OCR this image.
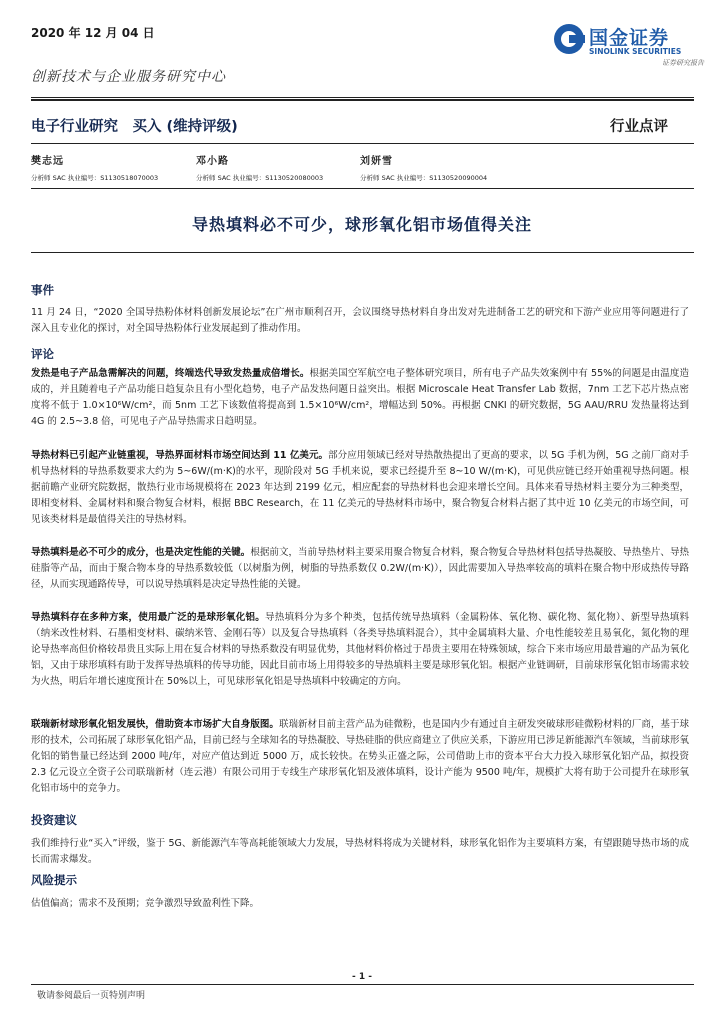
2020 年 12 月 04 日	国金证券
SINOLINK SECURITIES
证券研究报告
创新技术与企业服务研究中心
电子行业研究　买入 (维持评级)	行业点评
樊志远
分析师 SAC 执业编号：S1130518070003
邓小路
分析师 SAC 执业编号：S1130520080003
刘妍雪
分析师 SAC 执业编号：S1130520090004
导热填料必不可少，球形氧化铝市场值得关注
事件
11 月 24 日，“2020 全国导热粉体材料创新发展论坛”在广州市顺利召开，会议围绕导热材料自身出发对先进制备工艺的研究和下游产业应用等问题进行了深入且专业化的探讨，对全国导热粉体行业发展起到了推动作用。
评论
发热是电子产品急需解决的问题，终端迭代导致发热量成倍增长。根据美国空军航空电子整体研究项目，所有电子产品失效案例中有 55%的问题是由温度造成的，并且随着电子产品功能日趋复杂且有小型化趋势，电子产品发热问题日益突出。根据 Microscale Heat Transfer Lab 数据，7nm 工艺下芯片热点密度将不低于 1.0×10⁶W/cm²，而 5nm 工艺下该数值将提高到 1.5×10⁶W/cm²，增幅达到 50%。再根据 CNKI 的研究数据，5G AAU/RRU 发热量将达到 4G 的 2.5~3.8 倍，可见电子产品导热需求日趋明显。
导热材料已引起产业链重视，导热界面材料市场空间达到 11 亿美元。部分应用领域已经对导热散热提出了更高的要求，以 5G 手机为例，5G 之前厂商对手机导热材料的导热系数要求大约为 5~6W/(m·K)的水平，现阶段对 5G 手机来说，要求已经提升至 8~10 W/(m·K)，可见供应链已经开始重视导热问题。根据前瞻产业研究院数据，散热行业市场规模将在 2023 年达到 2199 亿元，相应配套的导热材料也会迎来增长空间。具体来看导热材料主要分为三种类型，即相变材料、金属材料和聚合物复合材料，根据 BBC Research，在 11 亿美元的导热材料市场中，聚合物复合材料占据了其中近 10 亿美元的市场空间，可见该类材料是最值得关注的导热材料。
导热填料是必不可少的成分，也是决定性能的关键。根据前文，当前导热材料主要采用聚合物复合材料，聚合物复合导热材料包括导热凝胶、导热垫片、导热硅脂等产品，而由于聚合物本身的导热系数较低（以树脂为例，树脂的导热系数仅 0.2W/(m·K)），因此需要加入导热率较高的填料在聚合物中形成热传导路径，从而实现通路传导，可以说导热填料是决定导热性能的关键。
导热填料存在多种方案，使用最广泛的是球形氧化铝。导热填料分为多个种类，包括传统导热填料（金属粉体、氧化物、碳化物、氮化物）、新型导热填料（纳米改性材料、石墨相变材料、碳纳米管、金刚石等）以及复合导热填料（各类导热填料混合），其中金属填料大量、介电性能较差且易氧化，氮化物的理论导热率高但价格较昂贵且实际上用在复合材料的导热系数没有明显优势，其他材料价格过于昂贵主要用在特殊领域，综合下来市场应用最普遍的产品为氧化铝，又由于球形填料有助于发挥导热填料的传导功能，因此目前市场上用得较多的导热填料主要是球形氧化铝。根据产业链调研，目前球形氧化铝市场需求较为火热，明后年增长速度预计在 50%以上，可见球形氧化铝是导热填料中较确定的方向。
联瑞新材球形氧化铝发展快，借助资本市场扩大自身版图。联瑞新材目前主营产品为硅微粉，也是国内少有通过自主研发突破球形硅微粉材料的厂商，基于球形的技术，公司拓展了球形氧化铝产品，目前已经与全球知名的导热凝胶、导热硅脂的供应商建立了供应关系，下游应用已涉足新能源汽车领域，当前球形氧化铝的销售量已经达到 2000 吨/年，对应产值达到近 5000 万，成长较快。在势头正盛之际，公司借助上市的资本平台大力投入球形氧化铝产品，拟投资 2.3 亿元设立全资子公司联瑞新材（连云港）有限公司用于专线生产球形氧化铝及液体填料，设计产能为 9500 吨/年，规模扩大将有助于公司提升在球形氧化铝市场中的竞争力。
投资建议
我们维持行业“买入”评级，鉴于 5G、新能源汽车等高耗能领域大力发展，导热材料将成为关键材料，球形氧化铝作为主要填料方案，有望跟随导热市场的成长而需求爆发。
风险提示
估值偏高；需求不及预期；竞争激烈导致盈利性下降。
- 1 -
敬请参阅最后一页特别声明
